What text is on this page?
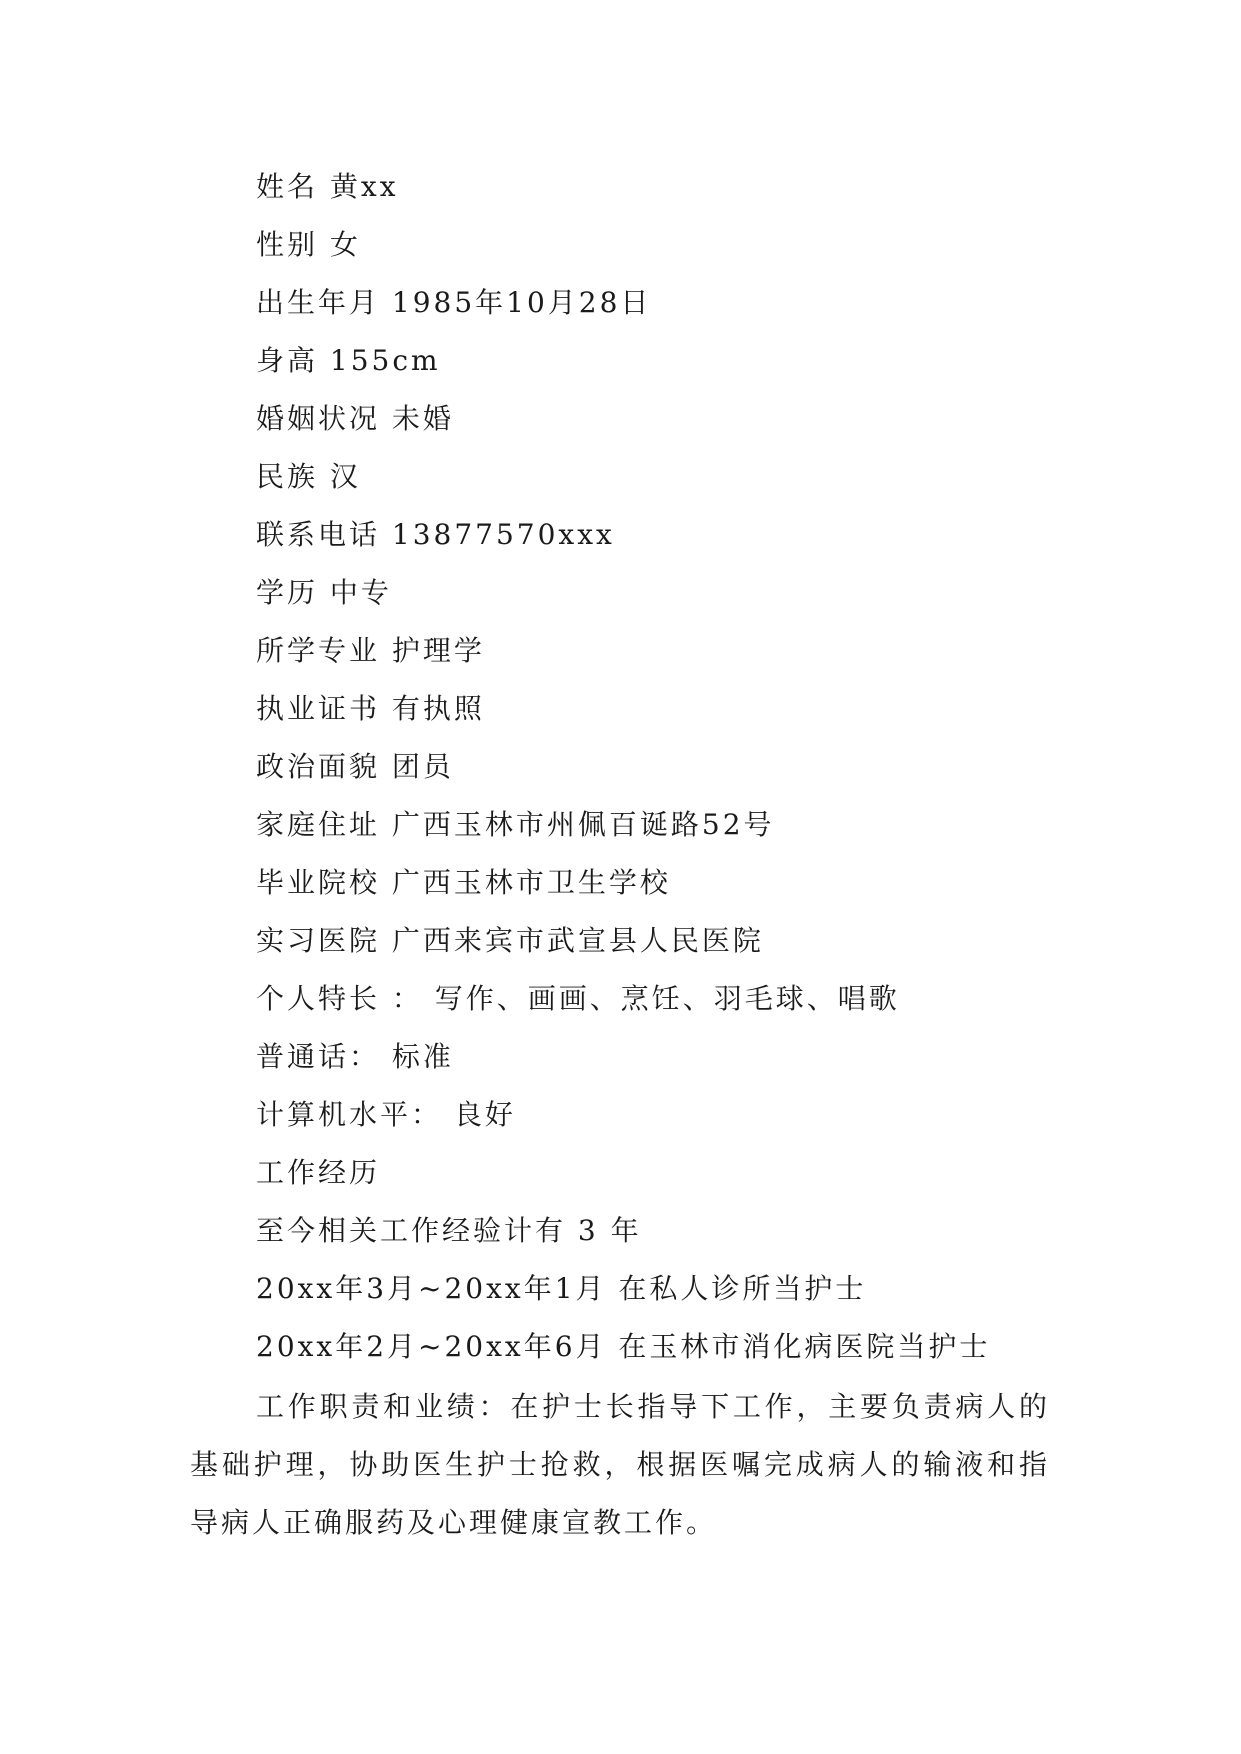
姓名 黄xx
性别 女
出生年月 1985年10月28日
身高 155cm
婚姻状况 未婚
民族 汉
联系电话 13877570xxx
学历 中专
所学专业 护理学
执业证书 有执照
政治面貌 团员
家庭住址 广西玉林市州佩百诞路52号
毕业院校 广西玉林市卫生学校
实习医院 广西来宾市武宣县人民医院
个人特长 ： 写作、画画、烹饪、羽毛球、唱歌
普通话： 标准
计算机水平： 良好
工作经历
至今相关工作经验计有 3 年
20xx年3月~20xx年1月 在私人诊所当护士
20xx年2月~20xx年6月 在玉林市消化病医院当护士
工作职责和业绩：在护士长指导下工作，主要负责病人的基础护理，协助医生护士抢救，根据医嘱完成病人的输液和指导病人正确服药及心理健康宣教工作。
